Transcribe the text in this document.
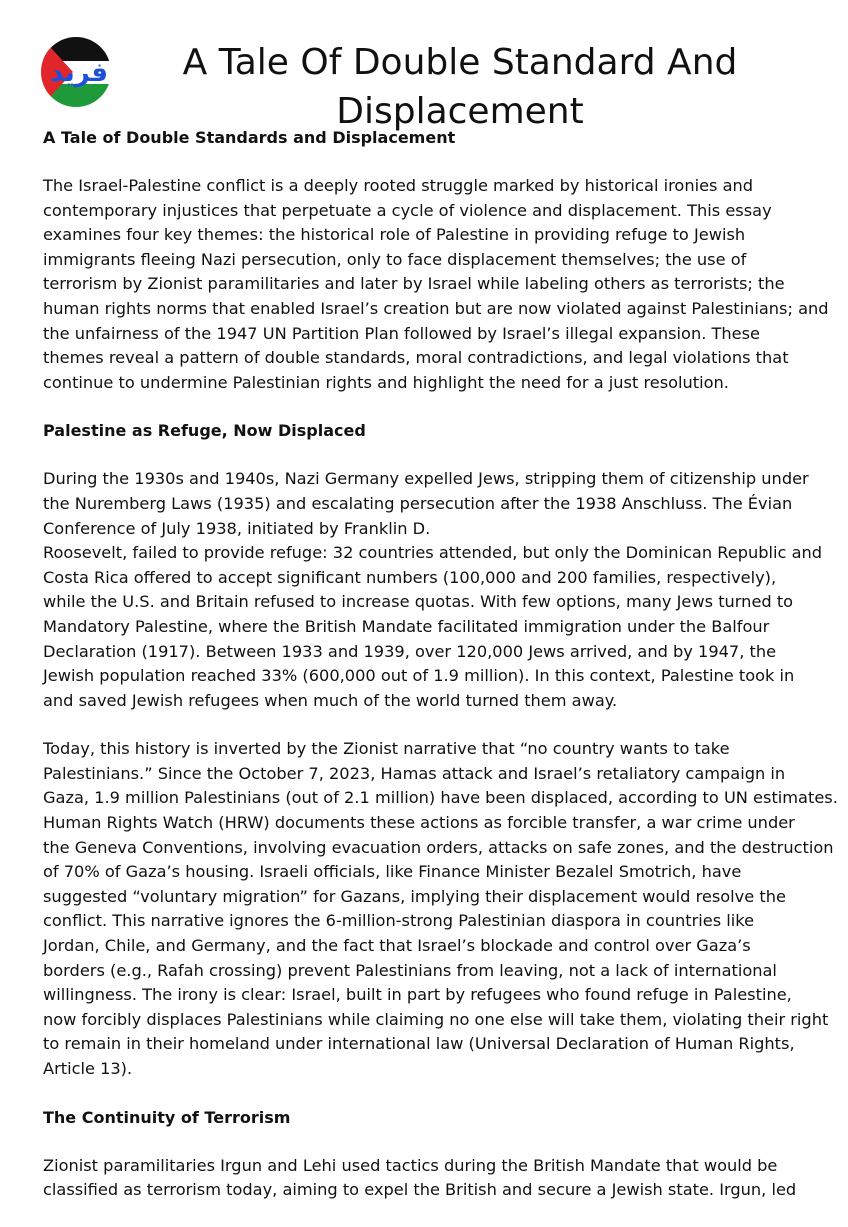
فريد	A Tale Of Double Standard And Displacement
A Tale of Double Standards and Displacement

The Israel-Palestine conflict is a deeply rooted struggle marked by historical ironies and
contemporary injustices that perpetuate a cycle of violence and displacement. This essay
examines four key themes: the historical role of Palestine in providing refuge to Jewish
immigrants fleeing Nazi persecution, only to face displacement themselves; the use of
terrorism by Zionist paramilitaries and later by Israel while labeling others as terrorists; the
human rights norms that enabled Israel’s creation but are now violated against Palestinians; and
the unfairness of the 1947 UN Partition Plan followed by Israel’s illegal expansion. These
themes reveal a pattern of double standards, moral contradictions, and legal violations that
continue to undermine Palestinian rights and highlight the need for a just resolution.

Palestine as Refuge, Now Displaced

During the 1930s and 1940s, Nazi Germany expelled Jews, stripping them of citizenship under
the Nuremberg Laws (1935) and escalating persecution after the 1938 Anschluss. The Évian
Conference of July 1938, initiated by Franklin D.
Roosevelt, failed to provide refuge: 32 countries attended, but only the Dominican Republic and
Costa Rica offered to accept significant numbers (100,000 and 200 families, respectively),
while the U.S. and Britain refused to increase quotas. With few options, many Jews turned to
Mandatory Palestine, where the British Mandate facilitated immigration under the Balfour
Declaration (1917). Between 1933 and 1939, over 120,000 Jews arrived, and by 1947, the
Jewish population reached 33% (600,000 out of 1.9 million). In this context, Palestine took in
and saved Jewish refugees when much of the world turned them away.

Today, this history is inverted by the Zionist narrative that “no country wants to take
Palestinians.” Since the October 7, 2023, Hamas attack and Israel’s retaliatory campaign in
Gaza, 1.9 million Palestinians (out of 2.1 million) have been displaced, according to UN estimates.
Human Rights Watch (HRW) documents these actions as forcible transfer, a war crime under
the Geneva Conventions, involving evacuation orders, attacks on safe zones, and the destruction
of 70% of Gaza’s housing. Israeli officials, like Finance Minister Bezalel Smotrich, have
suggested “voluntary migration” for Gazans, implying their displacement would resolve the
conflict. This narrative ignores the 6-million-strong Palestinian diaspora in countries like
Jordan, Chile, and Germany, and the fact that Israel’s blockade and control over Gaza’s
borders (e.g., Rafah crossing) prevent Palestinians from leaving, not a lack of international
willingness. The irony is clear: Israel, built in part by refugees who found refuge in Palestine,
now forcibly displaces Palestinians while claiming no one else will take them, violating their right
to remain in their homeland under international law (Universal Declaration of Human Rights,
Article 13).

The Continuity of Terrorism

Zionist paramilitaries Irgun and Lehi used tactics during the British Mandate that would be
classified as terrorism today, aiming to expel the British and secure a Jewish state. Irgun, led
